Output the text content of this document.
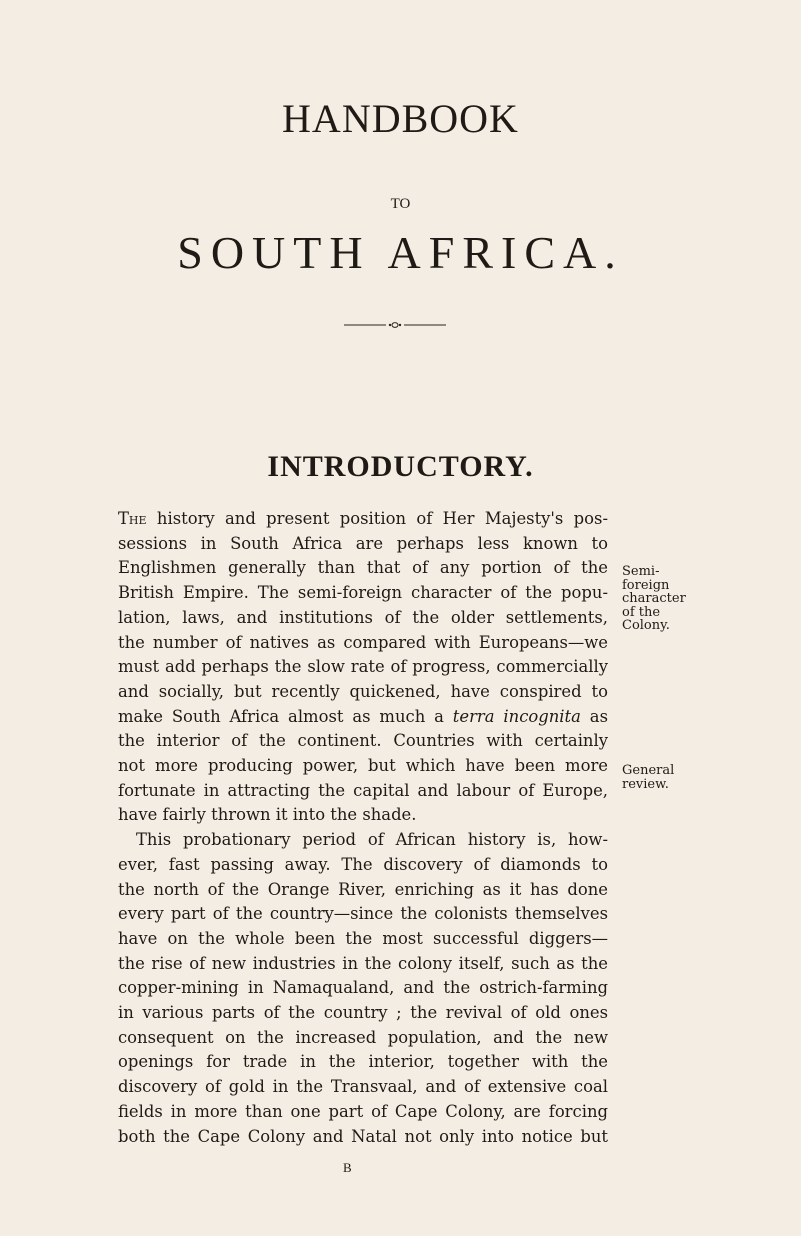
HANDBOOK
TO
SOUTH AFRICA.
INTRODUCTORY.
The history and present position of Her Majesty's pos-
sessions in South Africa are perhaps less known to
Englishmen generally than that of any portion of the
British Empire. The semi-foreign character of the popu-
lation, laws, and institutions of the older settlements,
the number of natives as compared with Europeans—we
must add perhaps the slow rate of progress, commercially
and socially, but recently quickened, have conspired to
make South Africa almost as much a terra incognita as
the interior of the continent. Countries with certainly
not more producing power, but which have been more
fortunate in attracting the capital and labour of Europe,
have fairly thrown it into the shade.
This probationary period of African history is, how-
ever, fast passing away. The discovery of diamonds to
the north of the Orange River, enriching as it has done
every part of the country—since the colonists themselves
have on the whole been the most successful diggers—
the rise of new industries in the colony itself, such as the
copper-mining in Namaqualand, and the ostrich-farming
in various parts of the country ; the revival of old ones
consequent on the increased population, and the new
openings for trade in the interior, together with the
discovery of gold in the Transvaal, and of extensive coal
fields in more than one part of Cape Colony, are forcing
both the Cape Colony and Natal not only into notice but
Semi-
foreign
character
of the
Colony.
General
review.
B
